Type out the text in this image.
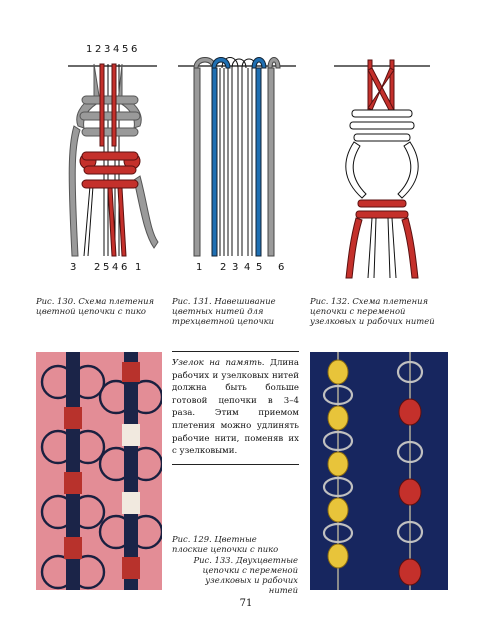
1 2 3 4 5 6
3 2 5 4 6 1
Рис. 130. Схема плетения цветной цепочки с пико
1 2 3 4 5 6
Рис. 131. Навешивание цветных нитей для трехцветной цепочки
Рис. 132. Схема плетения цепочки с переменой узелковых и рабочих нитей
Узелок на память. Длина рабочих и узелковых нитей должна быть больше готовой цепочки в 3–4 раза. Этим приемом плетения можно удлинять рабочие нити, поменяв их с узелковыми.
Рис. 129. Цветные плоские цепочки с пико
Рис. 133. Двухцветные цепочки с переменой узелковых и рабочих нитей
71
